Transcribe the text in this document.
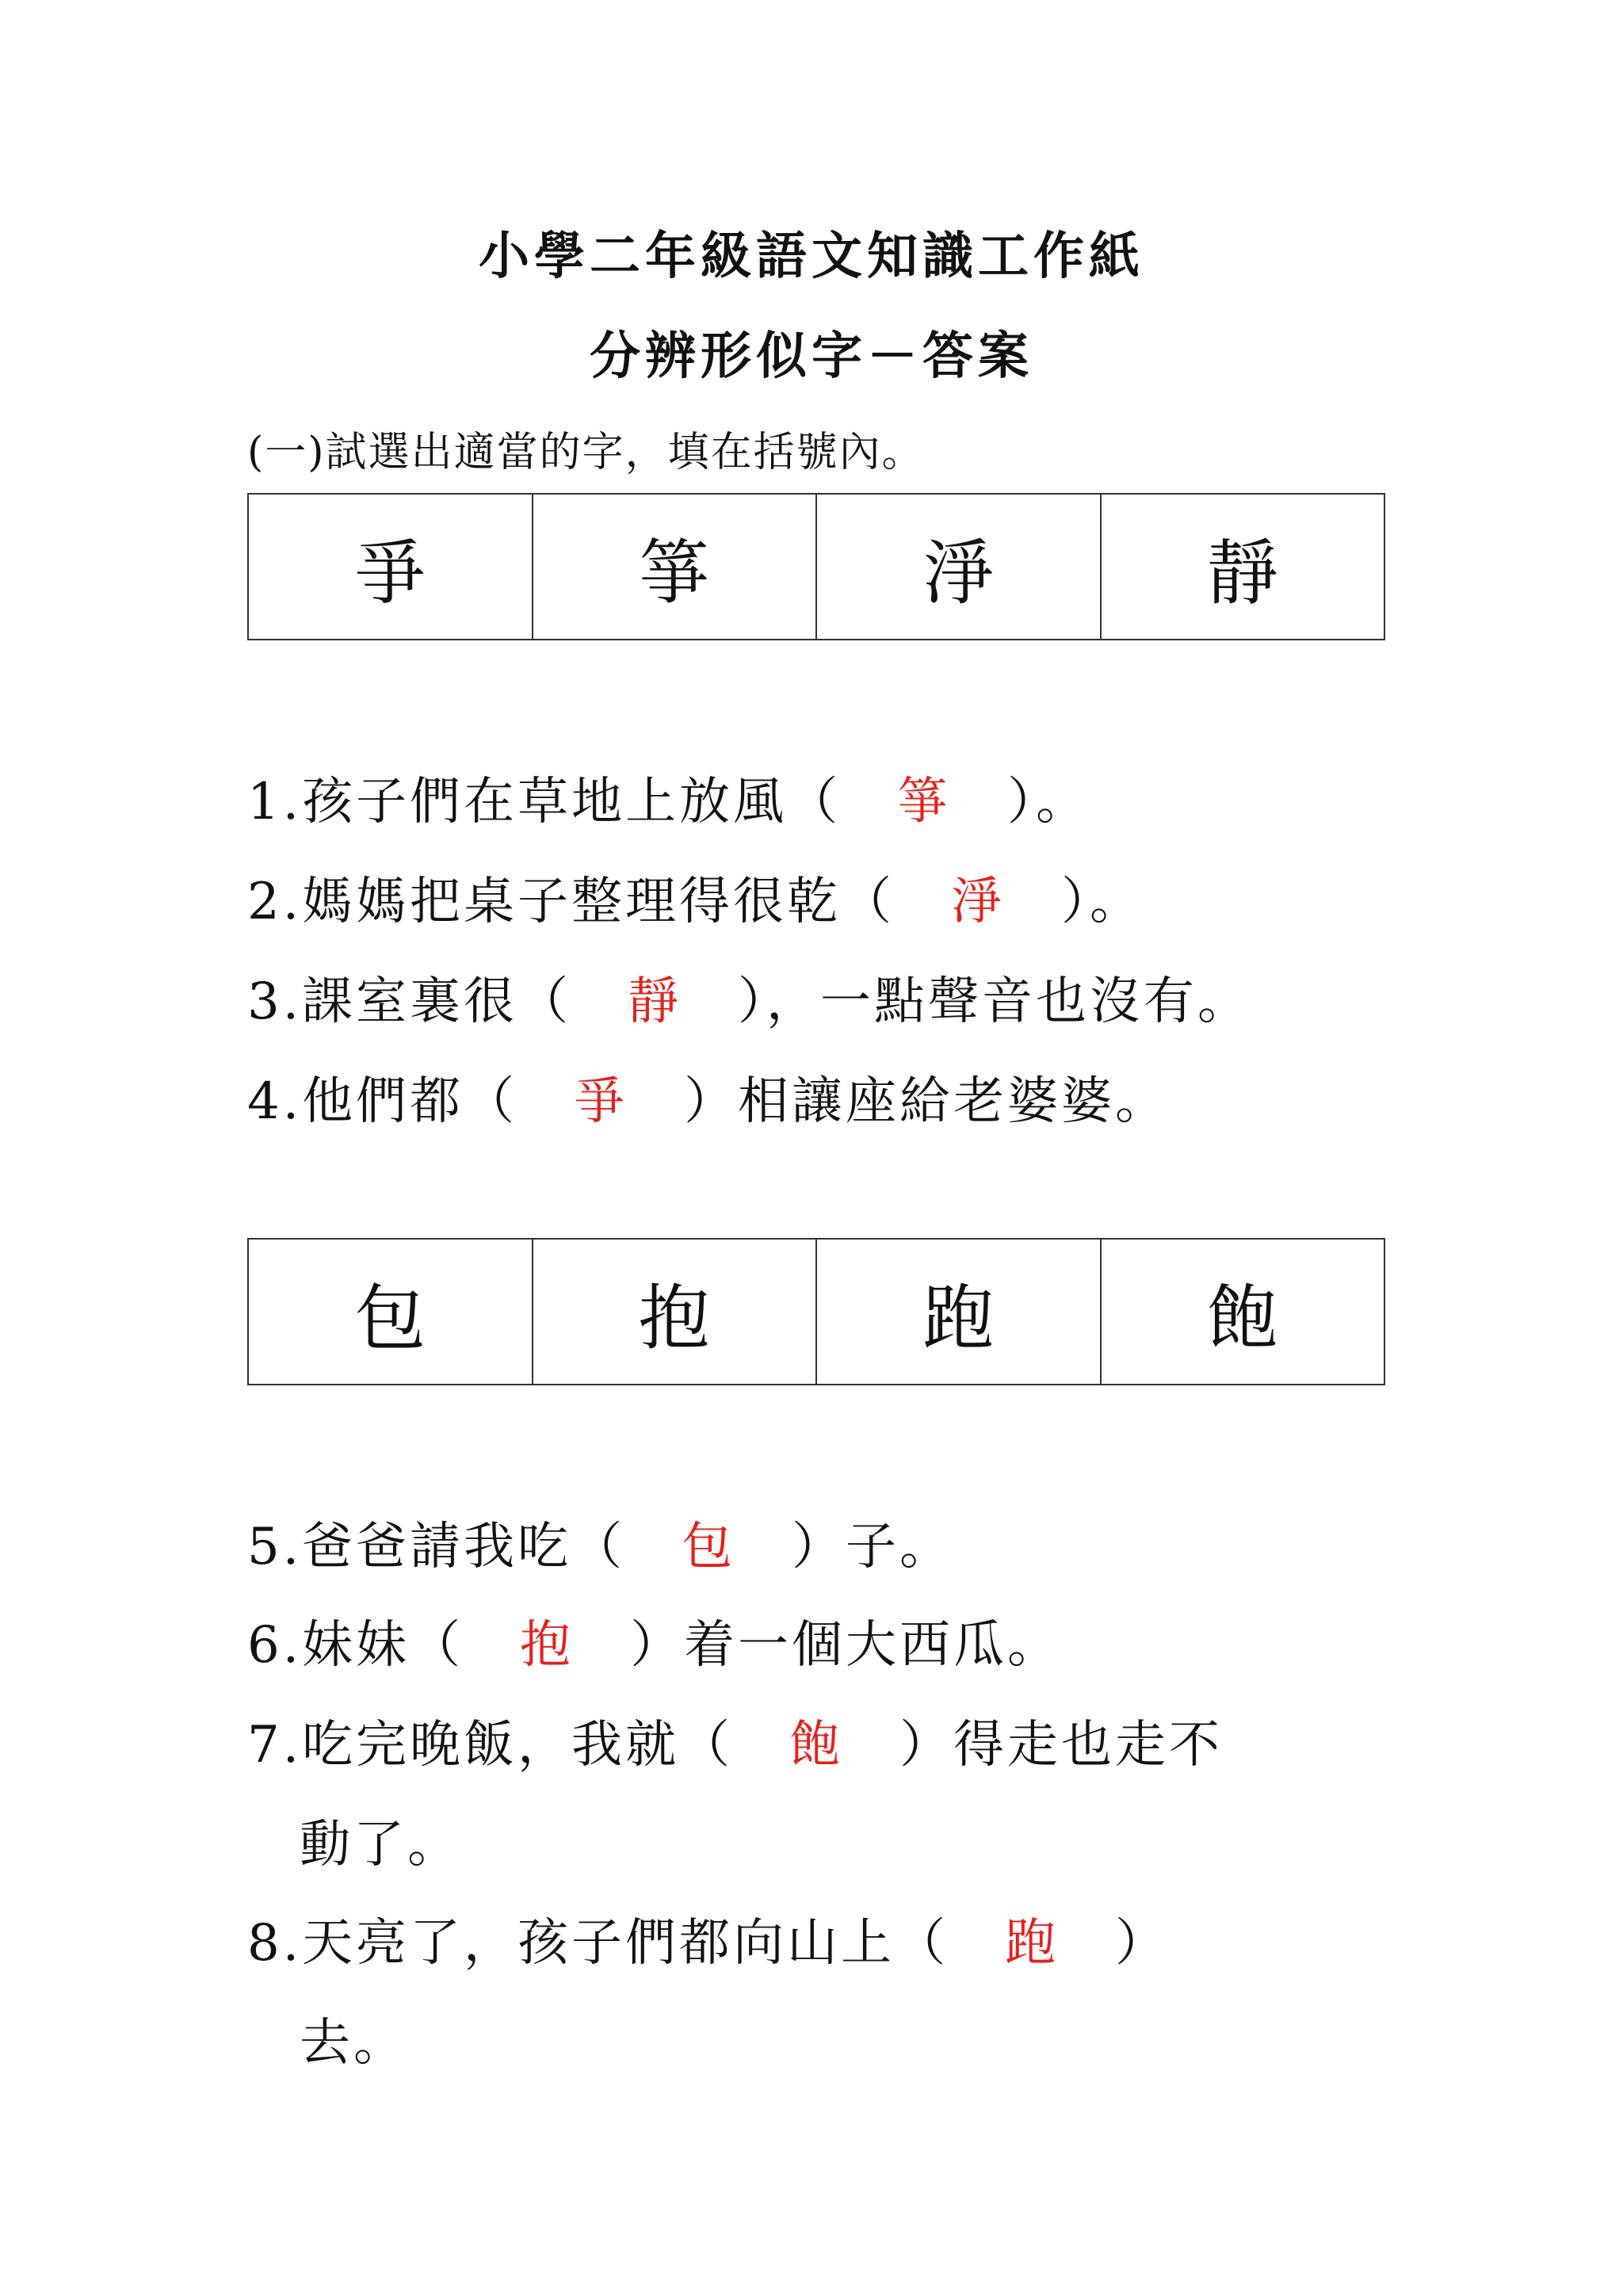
小學二年級語文知識工作紙
分辨形似字－答案
(一)試選出適當的字，填在括號內。
爭	箏	淨	靜
1.孩子們在草地上放風（ 箏 ）。
2.媽媽把桌子整理得很乾（ 淨 ）。
3.課室裏很（ 靜 ），一點聲音也沒有。
4.他們都（ 爭 ）相讓座給老婆婆。
包	抱	跑	飽
5.爸爸請我吃（ 包 ）子。
6.妹妹（ 抱 ）着一個大西瓜。
7.吃完晚飯，我就（ 飽 ）得走也走不
動了。
8.天亮了，孩子們都向山上（ 跑 ）
去。
